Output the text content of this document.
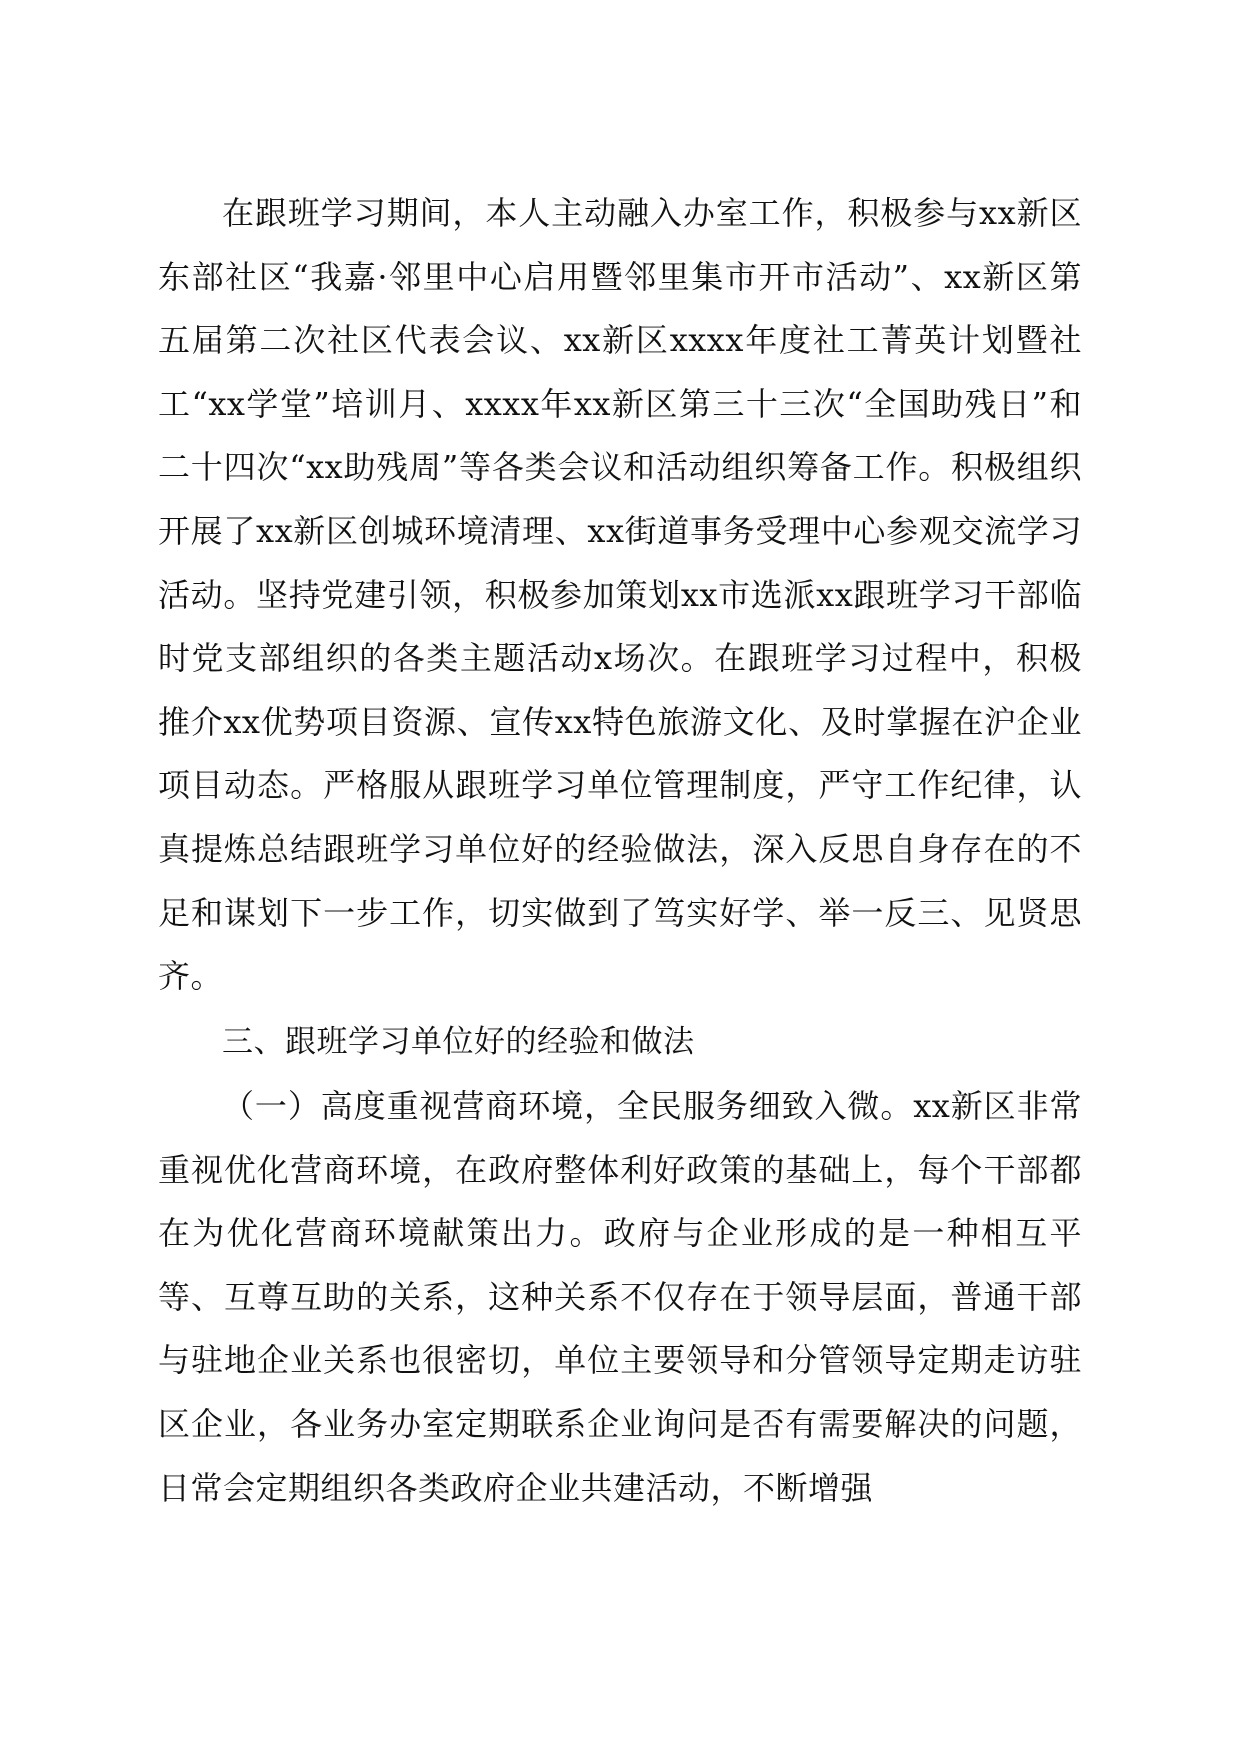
在跟班学习期间，本人主动融入办室工作，积极参与xx新区东部社区“我嘉·邻里中心启用暨邻里集市开市活动”、xx新区第五届第二次社区代表会议、xx新区xxxx年度社工菁英计划暨社工“xx学堂”培训月、xxxx年xx新区第三十三次“全国助残日”和二十四次“xx助残周”等各类会议和活动组织筹备工作。积极组织开展了xx新区创城环境清理、xx街道事务受理中心参观交流学习活动。坚持党建引领，积极参加策划xx市选派xx跟班学习干部临时党支部组织的各类主题活动x场次。在跟班学习过程中，积极推介xx优势项目资源、宣传xx特色旅游文化、及时掌握在沪企业项目动态。严格服从跟班学习单位管理制度，严守工作纪律，认真提炼总结跟班学习单位好的经验做法，深入反思自身存在的不足和谋划下一步工作，切实做到了笃实好学、举一反三、见贤思齐。

三、跟班学习单位好的经验和做法

（一）高度重视营商环境，全民服务细致入微。xx新区非常重视优化营商环境，在政府整体利好政策的基础上，每个干部都在为优化营商环境献策出力。政府与企业形成的是一种相互平等、互尊互助的关系，这种关系不仅存在于领导层面，普通干部与驻地企业关系也很密切，单位主要领导和分管领导定期走访驻区企业，各业务办室定期联系企业询问是否有需要解决的问题，日常会定期组织各类政府企业共建活动，不断增强
